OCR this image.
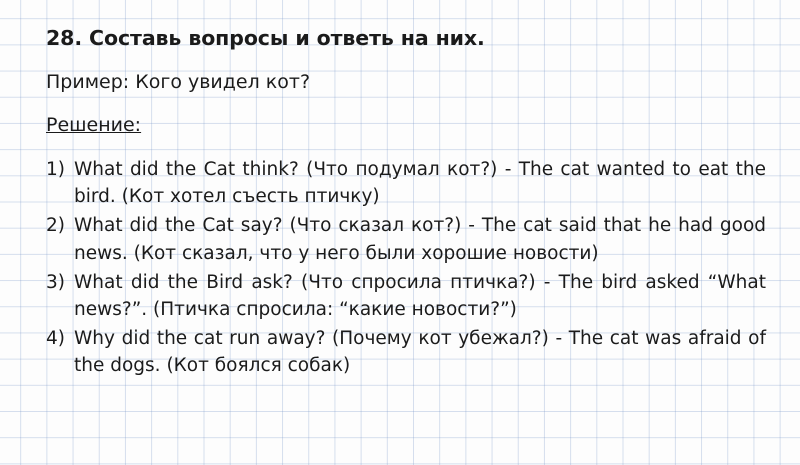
28. Составь вопросы и ответь на них.
Пример: Кого увидел кот?
Решение:
1) What did the Cat think? (Что подумал кот?) - The cat wanted to eat the bird. (Кот хотел съесть птичку)
2) What did the Cat say? (Что сказал кот?) - The cat said that he had good news. (Кот сказал, что у него были хорошие новости)
3) What did the Bird ask? (Что спросила птичка?) - The bird asked “What news?”. (Птичка спросила: “какие новости?”)
4) Why did the cat run away? (Почему кот убежал?) - The cat was afraid of the dogs. (Кот боялся собак)
